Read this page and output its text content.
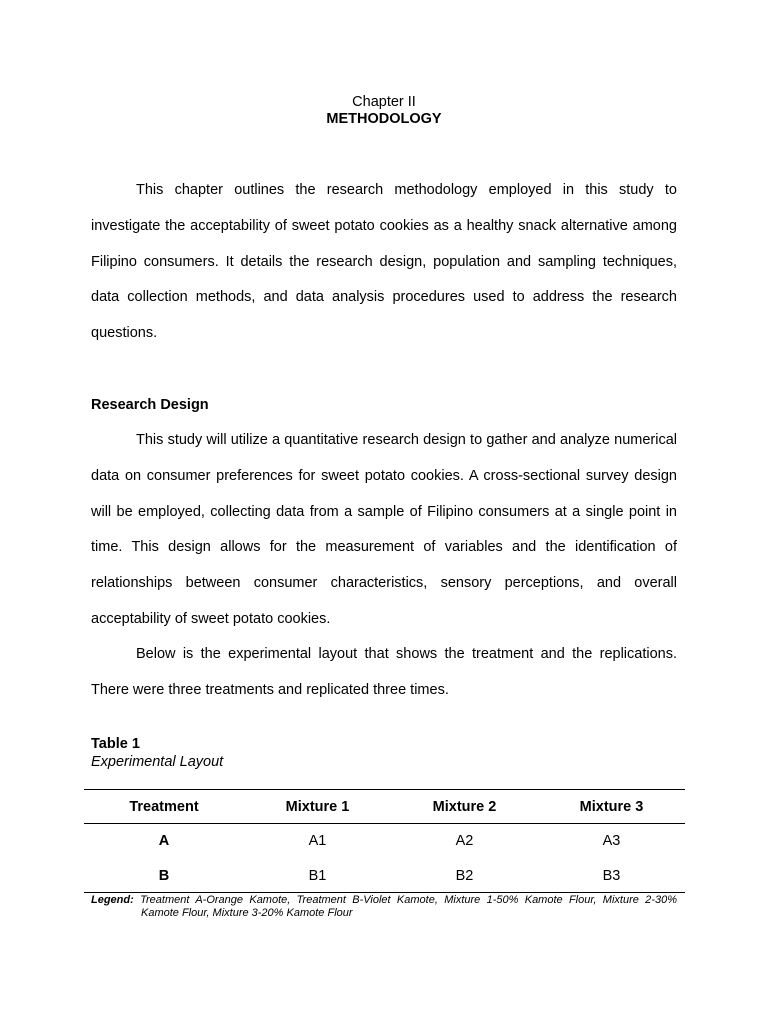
Chapter II
METHODOLOGY

This chapter outlines the research methodology employed in this study to investigate the acceptability of sweet potato cookies as a healthy snack alternative among Filipino consumers. It details the research design, population and sampling techniques, data collection methods, and data analysis procedures used to address the research questions.

Research Design

This study will utilize a quantitative research design to gather and analyze numerical data on consumer preferences for sweet potato cookies. A cross-sectional survey design will be employed, collecting data from a sample of Filipino consumers at a single point in time. This design allows for the measurement of variables and the identification of relationships between consumer characteristics, sensory perceptions, and overall acceptability of sweet potato cookies.

Below is the experimental layout that shows the treatment and the replications. There were three treatments and replicated three times.

Table 1
Experimental Layout
Treatment	Mixture 1	Mixture 2	Mixture 3
A	A1	A2	A3
B	B1	B2	B3
Legend: Treatment A-Orange Kamote, Treatment B-Violet Kamote, Mixture 1-50% Kamote Flour, Mixture 2-30% Kamote Flour, Mixture 3-20% Kamote Flour
